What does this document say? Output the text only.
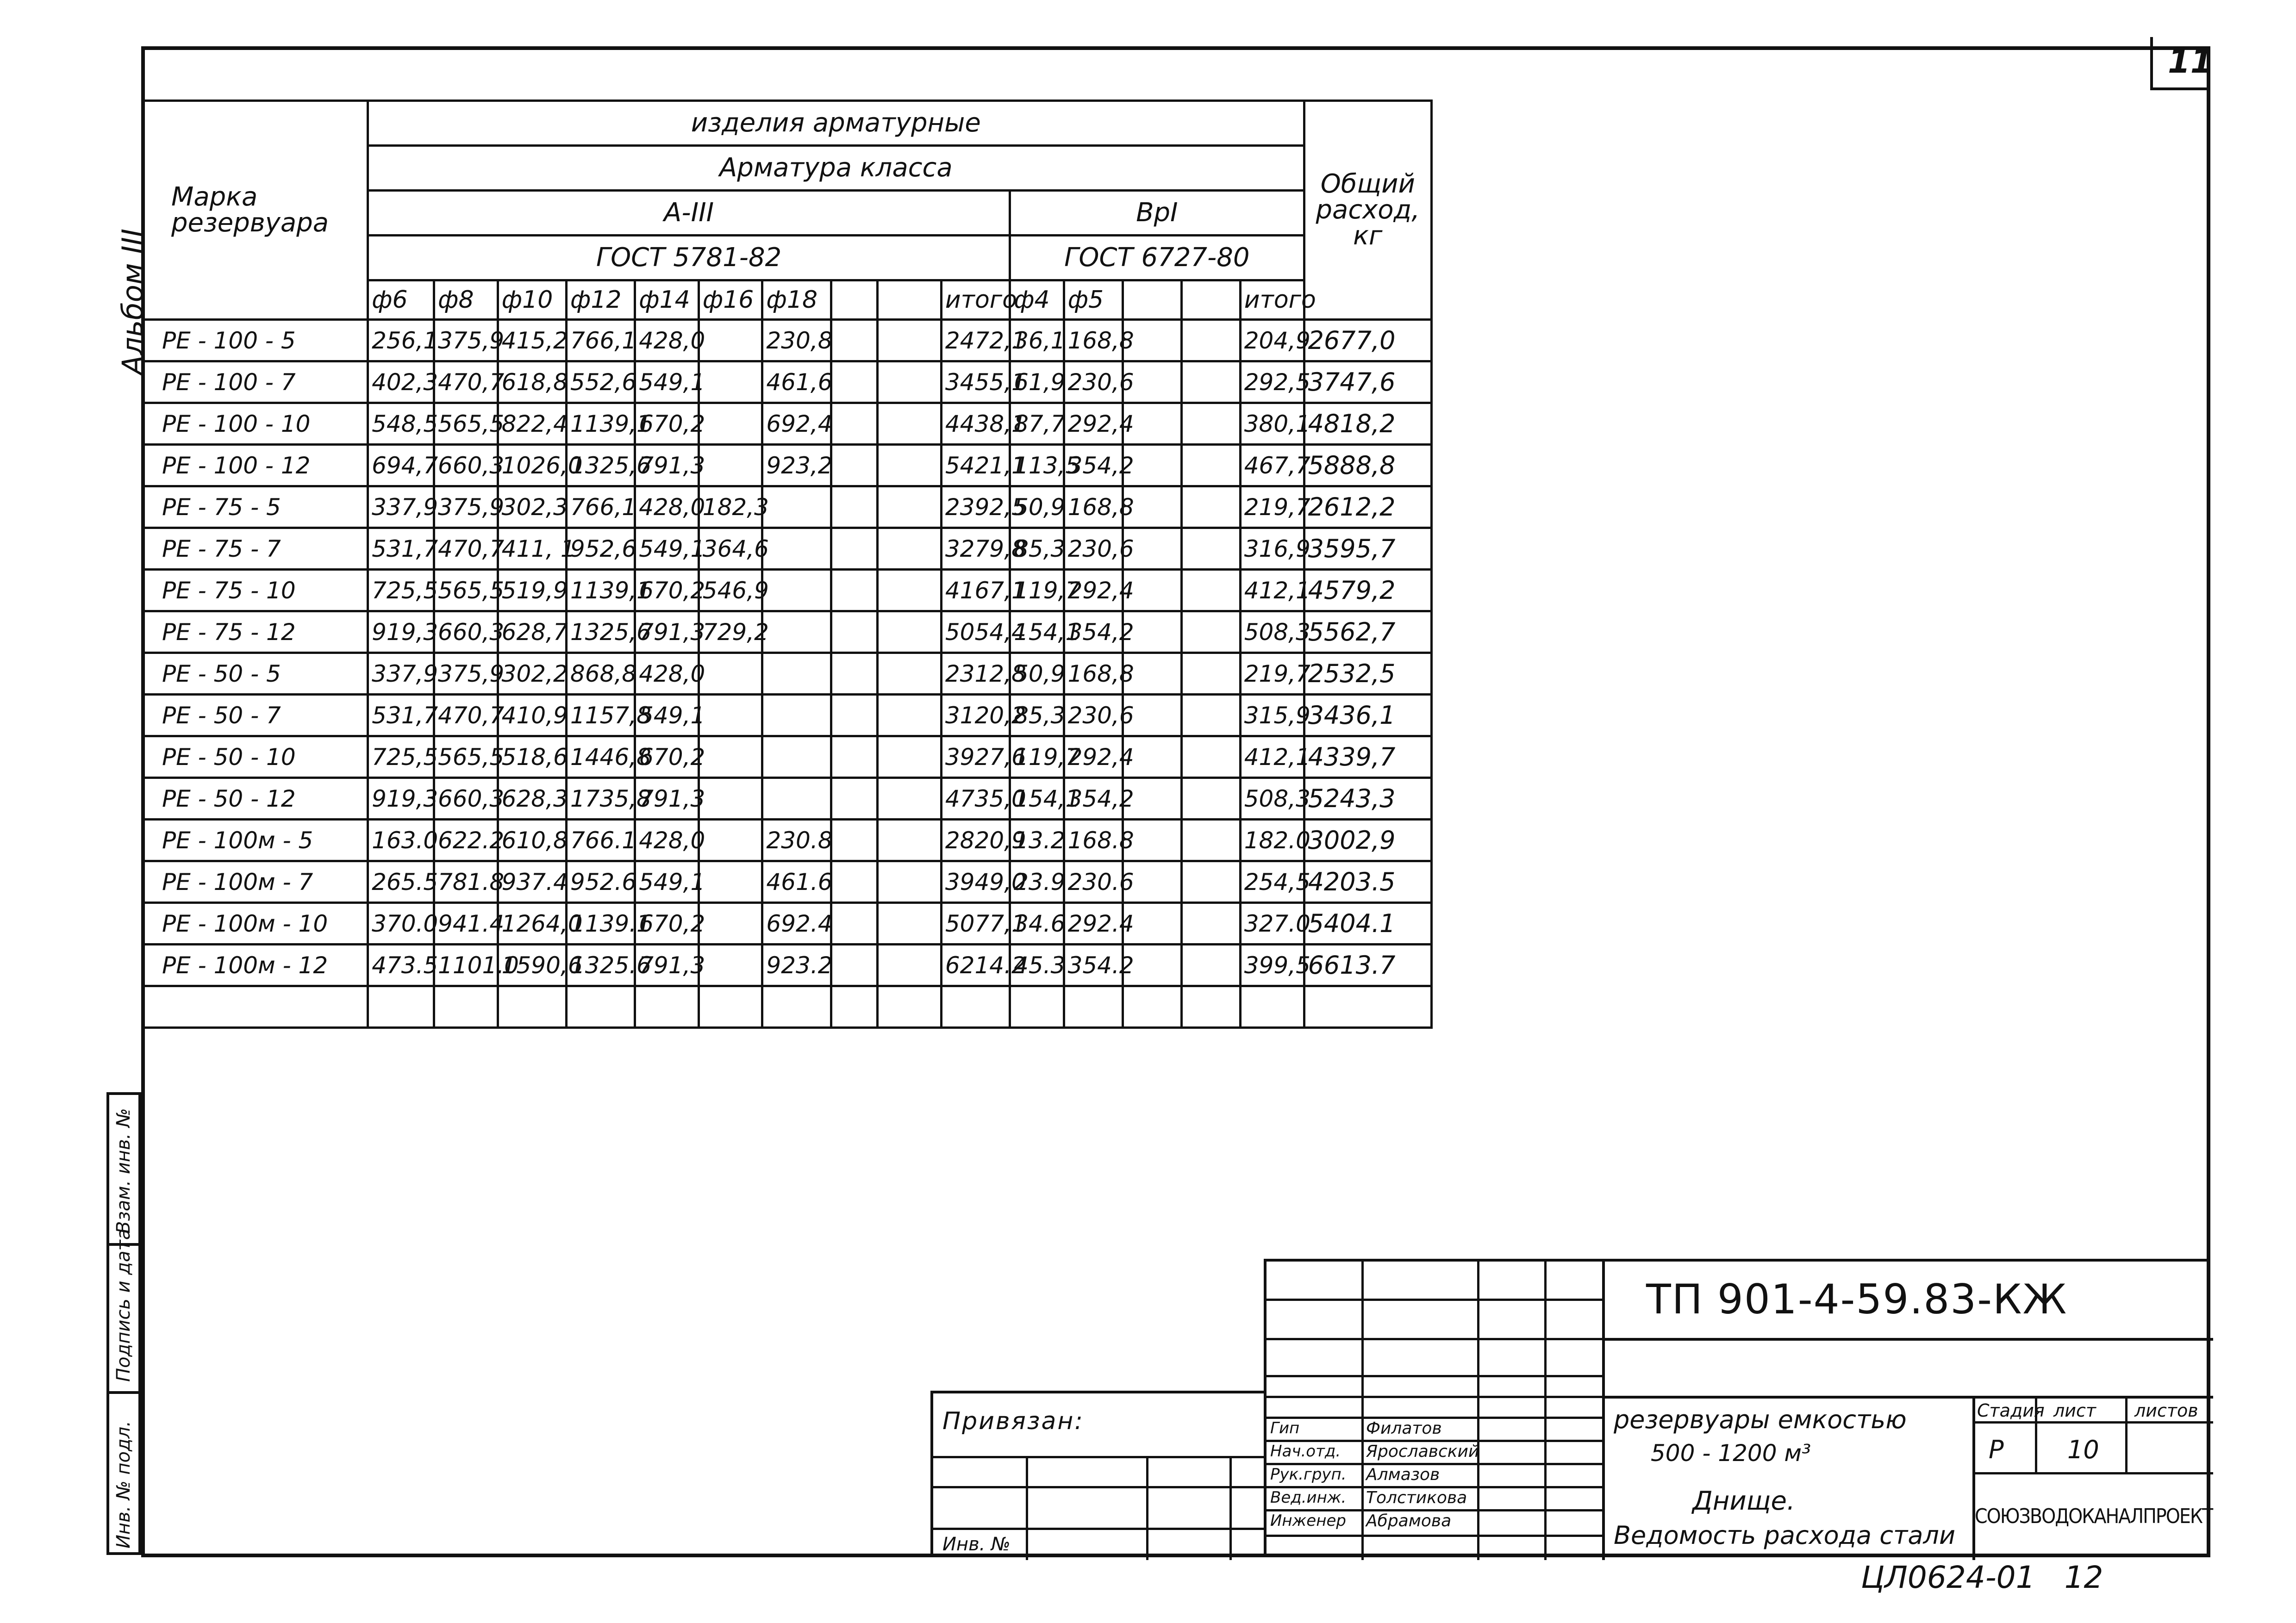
11
Альбом III
Взам. инв. №
Подпись и дата
Инв. № подл.
Марка резервуара	изделия арматурные															Общий расход, кг
	Арматура класса															
	А-III										ВрI					
	ГОСТ 5781-82										ГОСТ 6727-80					
	ф6	ф8	ф10	ф12	ф14	ф16	ф18			итого	ф4	ф5			итого	
РЕ - 100 - 5	256,1	375,9	415,2	766,1	428,0		230,8			2472,1	36,1	168,8			204,9	2677,0
РЕ - 100 - 7	402,3	470,7	618,8	552,6	549,1		461,6			3455,1	61,9	230,6			292,5	3747,6
РЕ - 100 - 10	548,5	565,5	822,4	1139,1	670,2		692,4			4438,1	87,7	292,4			380,1	4818,2
РЕ - 100 - 12	694,7	660,3	1026,0	1325,6	791,3		923,2			5421,1	113,5	354,2			467,7	5888,8
РЕ - 75 - 5	337,9	375,9	302,3	766,1	428,0	182,3				2392,5	50,9	168,8			219,7	2612,2
РЕ - 75 - 7	531,7	470,7	411, 1	952,6	549,1	364,6				3279,8	85,3	230,6			316,9	3595,7
РЕ - 75 - 10	725,5	565,5	519,9	1139,1	670,2	546,9				4167,1	119,7	292,4			412,1	4579,2
РЕ - 75 - 12	919,3	660,3	628,7	1325,6	791,3	729,2				5054,4	154,1	354,2			508,3	5562,7
РЕ - 50 - 5	337,9	375,9	302,2	868,8	428,0					2312,8	50,9	168,8			219,7	2532,5
РЕ - 50 - 7	531,7	470,7	410,9	1157,8	549,1					3120,2	85,3	230,6			315,9	3436,1
РЕ - 50 - 10	725,5	565,5	518,6	1446,8	670,2					3927,6	119,7	292,4			412,1	4339,7
РЕ - 50 - 12	919,3	660,3	628,3	1735,8	791,3					4735,0	154,1	354,2			508,3	5243,3
РЕ - 100м - 5	163.0	622.2	610,8	766.1	428,0		230.8			2820,9	13.2	168.8			182.0	3002,9
РЕ - 100м - 7	265.5	781.8	937.4	952.6	549,1		461.6			3949,0	23.9	230.6			254,5	4203.5
РЕ - 100м - 10	370.0	941.4	1264,0	1139.1	670,2		692.4			5077,1	34.6	292.4			327.0	5404.1
РЕ - 100м - 12	473.5	1101.0	1590,6	1325.6	791,3		923.2			6214.2	45.3	354.2			399,5	6613.7

ТП 901-4-59.83-КЖ
Гип	Филатов
Нач.отд. Ярославский
Рук.груп. Алмазов
Вед.инж. Толстикова
Инженер Абрамова
Стадия лист листов
Р	10
СОЮЗВОДОКАНАЛПРОЕКТ
резервуары емкостью
500 - 1200 м³
Днище.
Ведомость расхода стали
Привязан:
Инв. №
ЦЛ0624-01   12
